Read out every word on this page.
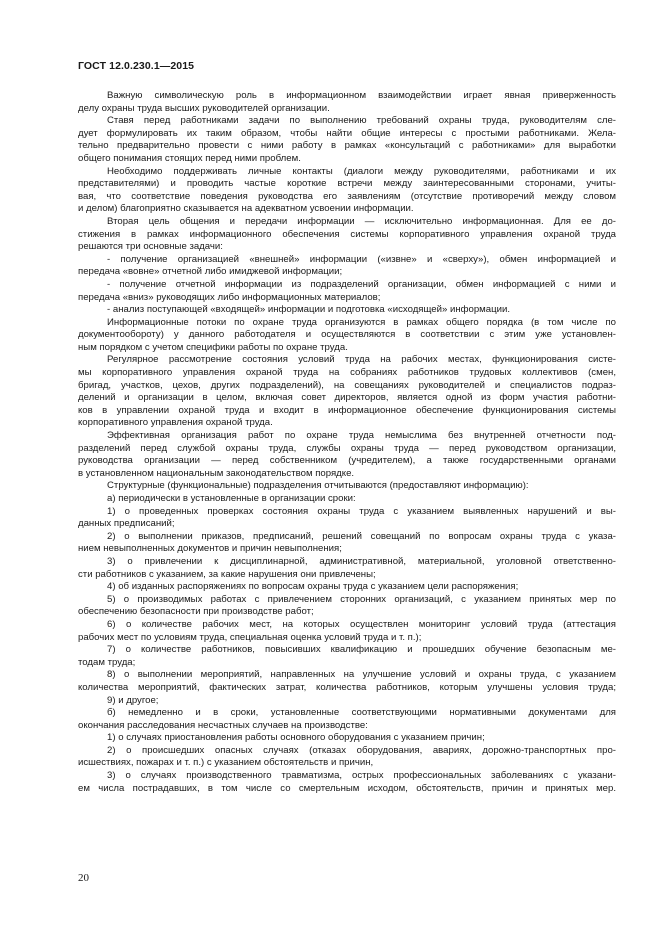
ГОСТ 12.0.230.1—2015
Важную символическую роль в информационном взаимодействии играет явная приверженность
делу охраны труда высших руководителей организации.
Ставя перед работниками задачи по выполнению требований охраны труда, руководителям сле-
дует формулировать их таким образом, чтобы найти общие интересы с простыми работниками. Жела-
тельно предварительно провести с ними работу в рамках «консультаций с работниками» для выработки
общего понимания стоящих перед ними проблем.
Необходимо поддерживать личные контакты (диалоги между руководителями, работниками и их
представителями) и проводить частые короткие встречи между заинтересованными сторонами, учиты-
вая, что соответствие поведения руководства его заявлениям (отсутствие противоречий между словом
и делом) благоприятно сказывается на адекватном усвоении информации.
Вторая цель общения и передачи информации — исключительно информационная. Для ее до-
стижения в рамках информационного обеспечения системы корпоративного управления охраной труда
решаются три основные задачи:
- получение организацией «внешней» информации («извне» и «сверху»), обмен информацией и
передача «вовне» отчетной либо имиджевой информации;
- получение отчетной информации из подразделений организации, обмен информацией с ними и
передача «вниз» руководящих либо информационных материалов;
- анализ поступающей «входящей» информации и подготовка «исходящей» информации.
Информационные потоки по охране труда организуются в рамках общего порядка (в том числе по
документообороту) у данного работодателя и осуществляются в соответствии с этим уже установлен-
ным порядком с учетом специфики работы по охране труда.
Регулярное рассмотрение состояния условий труда на рабочих местах, функционирования систе-
мы корпоративного управления охраной труда на собраниях работников трудовых коллективов (смен,
бригад, участков, цехов, других подразделений), на совещаниях руководителей и специалистов подраз-
делений и организации в целом, включая совет директоров, является одной из форм участия работни-
ков в управлении охраной труда и входит в информационное обеспечение функционирования системы
корпоративного управления охраной труда.
Эффективная организация работ по охране труда немыслима без внутренней отчетности под-
разделений перед службой охраны труда, службы охраны труда — перед руководством организации,
руководства организации — перед собственником (учредителем), а также государственными органами
в установленном национальным законодательством порядке.
Структурные (функциональные) подразделения отчитываются (предоставляют информацию):
а) периодически в установленные в организации сроки:
1) о проведенных проверках состояния охраны труда с указанием выявленных нарушений и вы-
данных предписаний;
2) о выполнении приказов, предписаний, решений совещаний по вопросам охраны труда с указа-
нием невыполненных документов и причин невыполнения;
3) о привлечении к дисциплинарной, административной, материальной, уголовной ответственно-
сти работников с указанием, за какие нарушения они привлечены;
4) об изданных распоряжениях по вопросам охраны труда с указанием цели распоряжения;
5) о производимых работах с привлечением сторонних организаций, с указанием принятых мер по
обеспечению безопасности при производстве работ;
6) о количестве рабочих мест, на которых осуществлен мониторинг условий труда (аттестация
рабочих мест по условиям труда, специальная оценка условий труда и т. п.);
7) о количестве работников, повысивших квалификацию и прошедших обучение безопасным ме-
тодам труда;
8) о выполнении мероприятий, направленных на улучшение условий и охраны труда, с указанием
количества мероприятий, фактических затрат, количества работников, которым улучшены условия труда;
9) и другое;
б) немедленно и в сроки, установленные соответствующими нормативными документами для
окончания расследования несчастных случаев на производстве:
1) о случаях приостановления работы основного оборудования с указанием причин;
2) о происшедших опасных случаях (отказах оборудования, авариях, дорожно-транспортных про-
исшествиях, пожарах и т. п.) с указанием обстоятельств и причин,
3) о случаях производственного травматизма, острых профессиональных заболеваниях с указани-
ем числа пострадавших, в том числе со смертельным исходом, обстоятельств, причин и принятых мер.
20
